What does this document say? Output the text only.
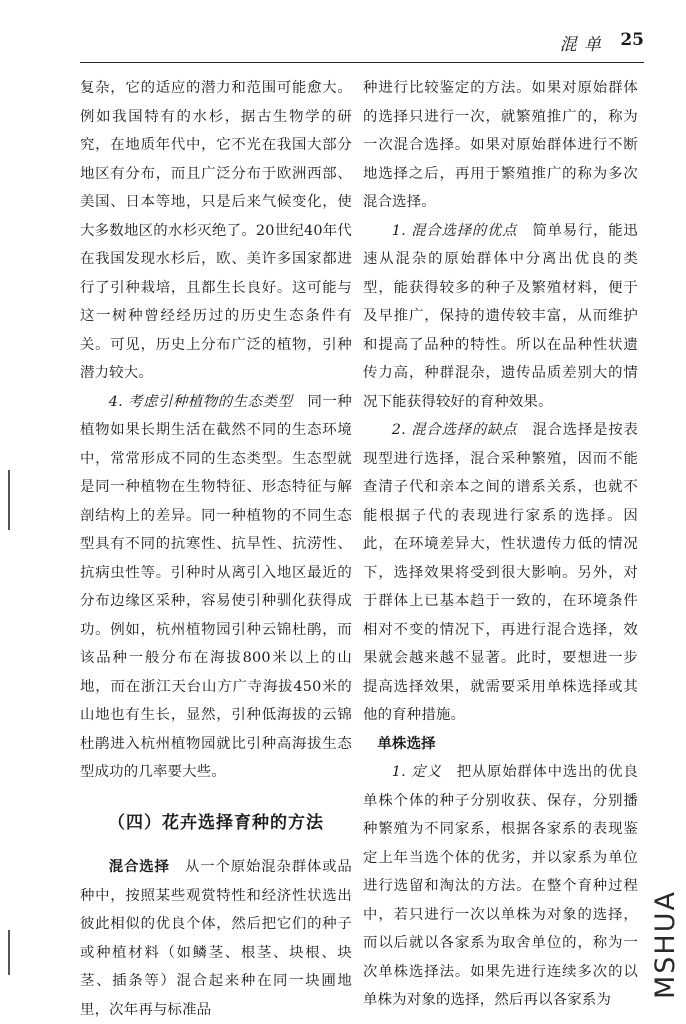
混 单 25

复杂，它的适应的潜力和范围可能愈大。例如我国特有的水杉，据古生物学的研究，在地质年代中，它不光在我国大部分地区有分布，而且广泛分布于欧洲西部、美国、日本等地，只是后来气候变化，使大多数地区的水杉灭绝了。20世纪40年代在我国发现水杉后，欧、美许多国家都进行了引种栽培，且都生长良好。这可能与这一树种曾经经历过的历史生态条件有关。可见，历史上分布广泛的植物，引种潜力较大。

4. 考虑引种植物的生态类型　 同一种植物如果长期生活在截然不同的生态环境中，常常形成不同的生态类型。生态型就是同一种植物在生物特征、形态特征与解剖结构上的差异。同一种植物的不同生态型具有不同的抗寒性、抗旱性、抗涝性、抗病虫性等。引种时从离引入地区最近的分布边缘区采种，容易使引种驯化获得成功。例如，杭州植物园引种云锦杜鹃，而该品种一般分布在海拔800米以上的山地，而在浙江天台山方广寺海拔450米的山地也有生长，显然，引种低海拔的云锦杜鹃进入杭州植物园就比引种高海拔生态型成功的几率要大些。

（四）花卉选择育种的方法

混合选择　 从一个原始混杂群体或品种中，按照某些观赏特性和经济性状选出彼此相似的优良个体，然后把它们的种子或种植材料（如鳞茎、根茎、块根、块茎、插条等）混合起来种在同一块圃地里，次年再与标准品

种进行比较鉴定的方法。如果对原始群体的选择只进行一次，就繁殖推广的，称为一次混合选择。如果对原始群体进行不断地选择之后，再用于繁殖推广的称为多次混合选择。

1. 混合选择的优点　 简单易行，能迅速从混杂的原始群体中分离出优良的类型，能获得较多的种子及繁殖材料，便于及早推广，保持的遗传较丰富，从而维护和提高了品种的特性。所以在品种性状遗传力高，种群混杂，遗传品质差别大的情况下能获得较好的育种效果。

2. 混合选择的缺点　 混合选择是按表现型进行选择，混合采种繁殖，因而不能查清子代和亲本之间的谱系关系，也就不能根据子代的表现进行家系的选择。因此，在环境差异大，性状遗传力低的情况下，选择效果将受到很大影响。另外，对于群体上已基本趋于一致的，在环境条件相对不变的情况下，再进行混合选择，效果就会越来越不显著。此时，要想进一步提高选择效果，就需要采用单株选择或其他的育种措施。

单株选择

1. 定义　 把从原始群体中选出的优良单株个体的种子分别收获、保存，分别播种繁殖为不同家系，根据各家系的表现鉴定上年当选个体的优劣，并以家系为单位进行选留和淘汰的方法。在整个育种过程中，若只进行一次以单株为对象的选择，而以后就以各家系为取舍单位的，称为一次单株选择法。如果先进行连续多次的以单株为对象的选择，然后再以各家系为

MSHUA
